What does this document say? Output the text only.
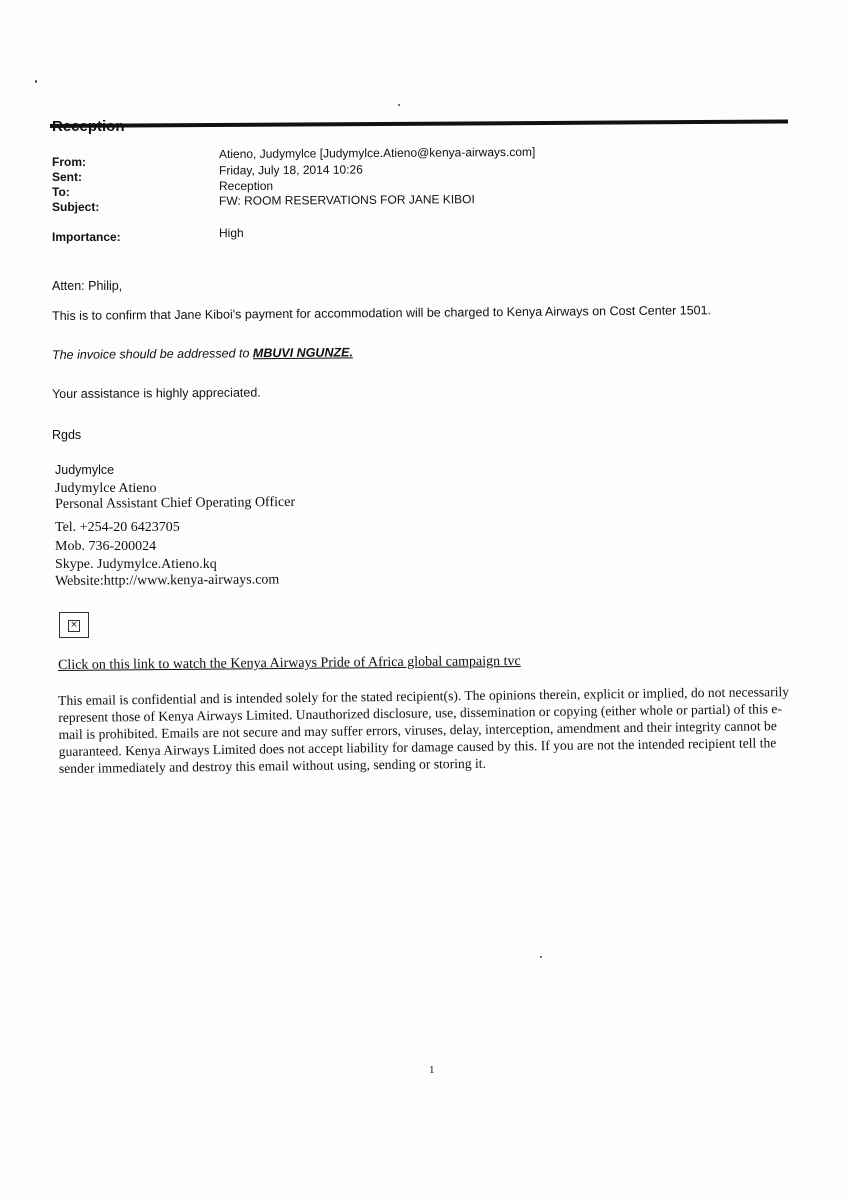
From:
Atieno, Judymylce [Judymylce.Atieno@kenya-airways.com]
Sent:	Friday, July 18, 2014 10:26
To:	Reception
Subject:	FW: ROOM RESERVATIONS FOR JANE KIBOI
Importance:	High
Atten: Philip,
This is to confirm that Jane Kiboi's payment for accommodation will be charged to Kenya Airways on Cost Center 1501.
The invoice should be addressed to MBUVI NGUNZE.
Your assistance is highly appreciated.
Rgds
Judymylce
Judymylce Atieno
Personal Assistant Chief Operating Officer
Tel. +254-20 6423705
Mob. 736-200024
Skype. Judymylce.Atieno.kq
Website:http://www.kenya-airways.com
×
Click on this link to watch the Kenya Airways Pride of Africa global campaign tvc
This email is confidential and is intended solely for the stated recipient(s). The opinions therein, explicit or implied, do not necessarily represent those of Kenya Airways Limited. Unauthorized disclosure, use, dissemination or copying (either whole or partial) of this e-mail is prohibited. Emails are not secure and may suffer errors, viruses, delay, interception, amendment and their integrity cannot be guaranteed. Kenya Airways Limited does not accept liability for damage caused by this. If you are not the intended recipient tell the sender immediately and destroy this email without using, sending or storing it.
1
